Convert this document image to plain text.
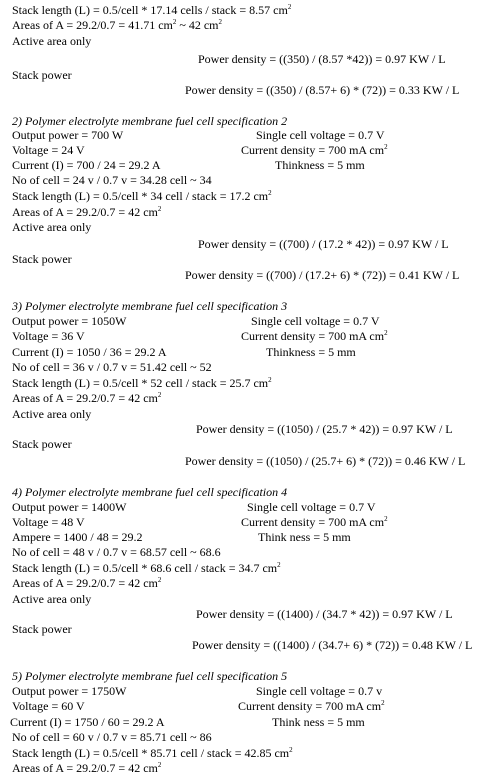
Stack length (L) = 0.5/cell * 17.14 cells / stack = 8.57 $cm^2$
Areas of A = 29.2/0.7 = 41.71 $cm^2$ ~ 42 $cm^2$
Active area only
Power density = ((350) / (8.57 *42)) = 0.97 KW / L
Stack power
Power density = ((350) / (8.57+ 6) * (72)) = 0.33 KW / L
2) Polymer electrolyte membrane fuel cell specification 2
Output power = 700 W	Single cell voltage = 0.7 V
Voltage = 24 V	Current density = 700 mA $cm^2$
Current (I) = 700 / 24 = 29.2 A	Thinkness = 5 mm
No of cell = 24 v / 0.7 v = 34.28 cell ~ 34
Stack length (L) = 0.5/cell * 34 cell / stack = 17.2 $cm^2$
Areas of A = 29.2/0.7 = 42 $cm^2$
Active area only
Power density = ((700) / (17.2 * 42)) = 0.97 KW / L
Stack power
Power density = ((700) / (17.2+ 6) * (72)) = 0.41 KW / L
3) Polymer electrolyte membrane fuel cell specification 3
Output power = 1050W	Single cell voltage = 0.7 V
Voltage = 36 V	Current density = 700 mA $cm^2$
Current (I) = 1050 / 36 = 29.2 A	Thinkness = 5 mm
No of cell = 36 v / 0.7 v = 51.42 cell ~ 52
Stack length (L) = 0.5/cell * 52 cell / stack = 25.7 $cm^2$
Areas of A = 29.2/0.7 = 42 $cm^2$
Active area only
Power density = ((1050) / (25.7 * 42)) = 0.97 KW / L
Stack power
Power density = ((1050) / (25.7+ 6) * (72)) = 0.46 KW / L
4) Polymer electrolyte membrane fuel cell specification 4
Output power = 1400W	Single cell voltage = 0.7 V
Voltage = 48 V	Current density = 700 mA $cm^2$
Ampere = 1400 / 48 = 29.2	Think ness = 5 mm
No of cell = 48 v / 0.7 v = 68.57 cell ~ 68.6
Stack length (L) = 0.5/cell * 68.6 cell / stack = 34.7 $cm^2$
Areas of A = 29.2/0.7 = 42 $cm^2$
Active area only
Power density = ((1400) / (34.7 * 42)) = 0.97 KW / L
Stack power
Power density = ((1400) / (34.7+ 6) * (72)) = 0.48 KW / L
5) Polymer electrolyte membrane fuel cell specification 5
Output power = 1750W	Single cell voltage = 0.7 v
Voltage = 60 V	Current density = 700 mA $cm^2$
Current (I) = 1750 / 60 = 29.2 A	Think ness = 5 mm
No of cell = 60 v / 0.7 v = 85.71 cell ~ 86
Stack length (L) = 0.5/cell * 85.71 cell / stack = 42.85 $cm^2$
Areas of A = 29.2/0.7 = 42 $cm^2$
